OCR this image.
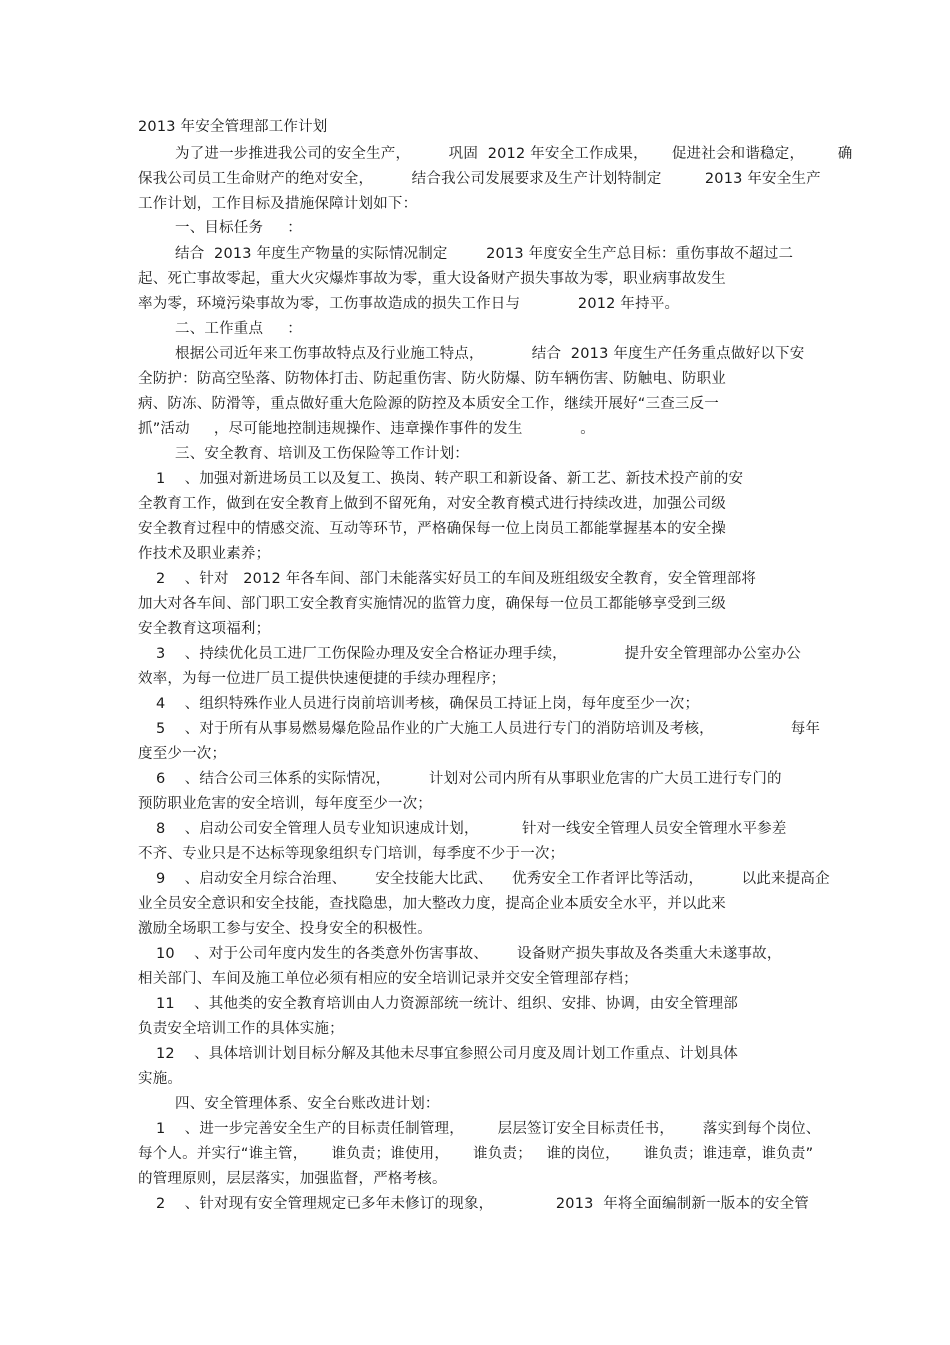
2013 年安全管理部工作计划
为了进一步推进我公司的安全生产，        巩固  2012 年安全工作成果，     促进社会和谐稳定，       确
保我公司员工生命财产的绝对安全，        结合我公司发展要求及生产计划特制定         2013 年安全生产
工作计划，工作目标及措施保障计划如下：
一、目标任务     ：
结合  2013 年度生产物量的实际情况制定        2013 年度安全生产总目标：重伤事故不超过二
起、死亡事故零起，重大火灾爆炸事故为零，重大设备财产损失事故为零，职业病事故发生
率为零，环境污染事故为零，工伤事故造成的损失工作日与            2012 年持平。
二、工作重点     ：
根据公司近年来工伤事故特点及行业施工特点，          结合  2013 年度生产任务重点做好以下安
全防护：防高空坠落、防物体打击、防起重伤害、防火防爆、防车辆伤害、防触电、防职业
病、防冻、防滑等，重点做好重大危险源的防控及本质安全工作，继续开展好“三查三反一
抓”活动     ，尽可能地控制违规操作、违章操作事件的发生            。
三、安全教育、培训及工伤保险等工作计划：
1    、加强对新进场员工以及复工、换岗、转产职工和新设备、新工艺、新技术投产前的安
全教育工作，做到在安全教育上做到不留死角，对安全教育模式进行持续改进，加强公司级
安全教育过程中的情感交流、互动等环节，严格确保每一位上岗员工都能掌握基本的安全操
作技术及职业素养；
2    、针对   2012 年各车间、部门未能落实好员工的车间及班组级安全教育，安全管理部将
加大对各车间、部门职工安全教育实施情况的监管力度，确保每一位员工都能够享受到三级
安全教育这项福利；
3    、持续优化员工进厂工伤保险办理及安全合格证办理手续，            提升安全管理部办公室办公
效率，为每一位进厂员工提供快速便捷的手续办理程序；
4    、组织特殊作业人员进行岗前培训考核，确保员工持证上岗，每年度至少一次；
5    、对于所有从事易燃易爆危险品作业的广大施工人员进行专门的消防培训及考核，                每年
度至少一次；
6    、结合公司三体系的实际情况，        计划对公司内所有从事职业危害的广大员工进行专门的
预防职业危害的安全培训，每年度至少一次；
8    、启动公司安全管理人员专业知识速成计划，         针对一线安全管理人员安全管理水平参差
不齐、专业只是不达标等现象组织专门培训，每季度不少于一次；
9    、启动安全月综合治理、      安全技能大比武、    优秀安全工作者评比等活动，        以此来提高企
业全员安全意识和安全技能，查找隐患，加大整改力度，提高企业本质安全水平，并以此来
激励全场职工参与安全、投身安全的积极性。
10    、对于公司年度内发生的各类意外伤害事故、      设备财产损失事故及各类重大未遂事故，
相关部门、车间及施工单位必须有相应的安全培训记录并交安全管理部存档；
11    、其他类的安全教育培训由人力资源部统一统计、组织、安排、协调，由安全管理部
负责安全培训工作的具体实施；
12    、具体培训计划目标分解及其他未尽事宜参照公司月度及周计划工作重点、计划具体
实施。
四、安全管理体系、安全台账改进计划：
1    、进一步完善安全生产的目标责任制管理，       层层签订安全目标责任书，      落实到每个岗位、
每个人。并实行“谁主管，     谁负责；谁使用，     谁负责；   谁的岗位，     谁负责；谁违章，谁负责”
的管理原则，层层落实，加强监督，严格考核。
2    、针对现有安全管理规定已多年未修订的现象，             2013  年将全面编制新一版本的安全管
